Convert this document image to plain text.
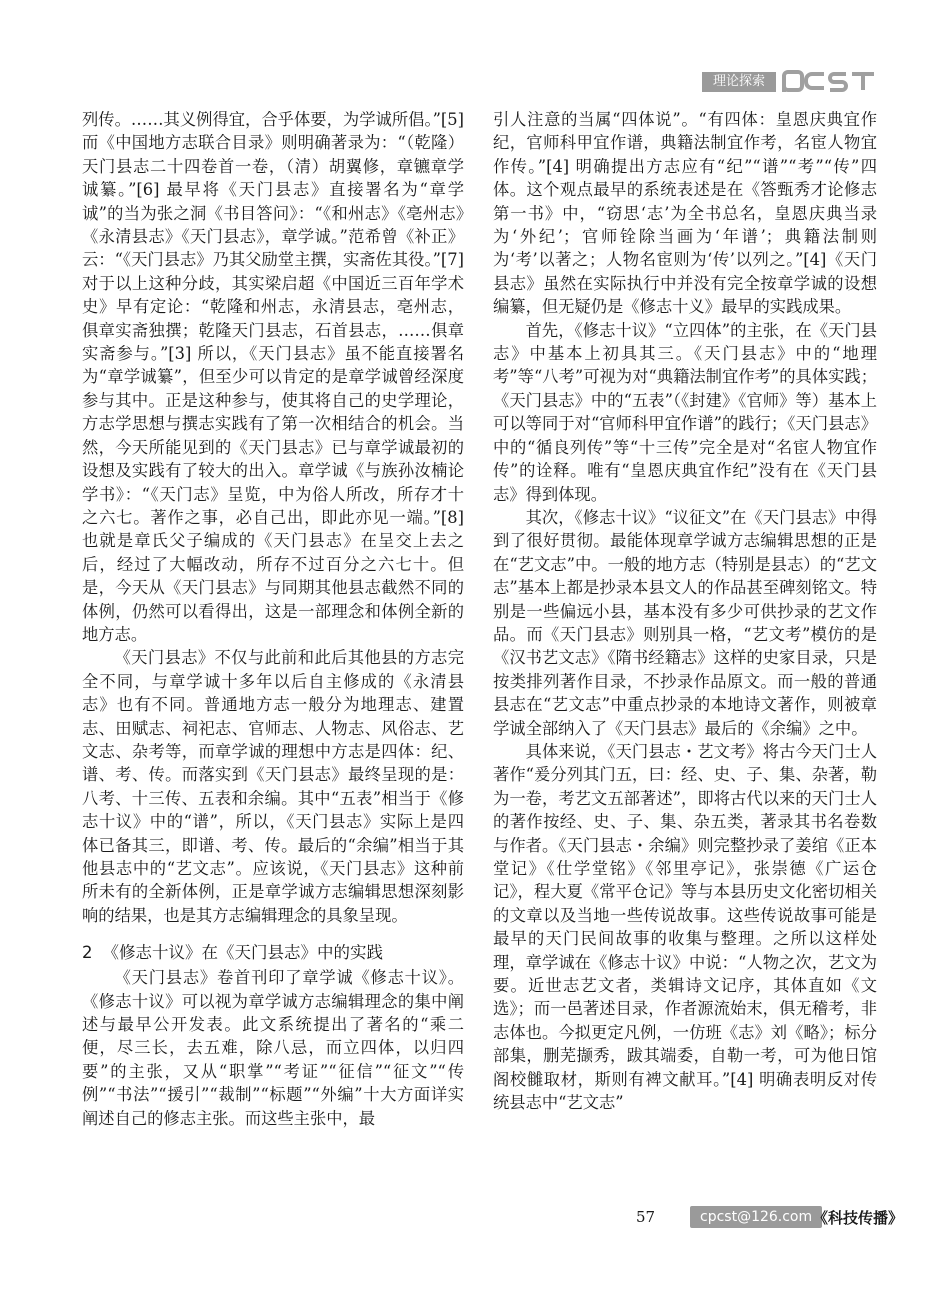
理论探索

列传。……其义例得宜，合乎体要，为学诚所倡。”[5] 而《中国地方志联合目录》则明确著录为：“（乾隆）天门县志二十四卷首一卷，（清）胡翼修，章镳章学诚纂。”[6] 最早将《天门县志》直接署名为“章学诚”的当为张之洞《书目答问》：“《和州志》《亳州志》《永清县志》《天门县志》，章学诚。”范希曾《补正》云：“《天门县志》乃其父励堂主撰，实斋佐其役。”[7] 对于以上这种分歧，其实梁启超《中国近三百年学术史》早有定论：“乾隆和州志，永清县志，亳州志，俱章实斋独撰；乾隆天门县志，石首县志，……俱章实斋参与。”[3] 所以，《天门县志》虽不能直接署名为“章学诚纂”，但至少可以肯定的是章学诚曾经深度参与其中。正是这种参与，使其将自己的史学理论，方志学思想与撰志实践有了第一次相结合的机会。当然，今天所能见到的《天门县志》已与章学诚最初的设想及实践有了较大的出入。章学诚《与族孙汝楠论学书》：“《天门志》呈览，中为俗人所改，所存才十之六七。著作之事，必自己出，即此亦见一端。”[8] 也就是章氏父子编成的《天门县志》在呈交上去之后，经过了大幅改动，所存不过百分之六七十。但是，今天从《天门县志》与同期其他县志截然不同的体例，仍然可以看得出，这是一部理念和体例全新的地方志。

《天门县志》不仅与此前和此后其他县的方志完全不同，与章学诚十多年以后自主修成的《永清县志》也有不同。普通地方志一般分为地理志、建置志、田赋志、祠祀志、官师志、人物志、风俗志、艺文志、杂考等，而章学诚的理想中方志是四体：纪、谱、考、传。而落实到《天门县志》最终呈现的是：八考、十三传、五表和余编。其中“五表”相当于《修志十议》中的“谱”，所以，《天门县志》实际上是四体已备其三，即谱、考、传。最后的“余编”相当于其他县志中的“艺文志”。应该说，《天门县志》这种前所未有的全新体例，正是章学诚方志编辑思想深刻影响的结果，也是其方志编辑理念的具象呈现。

2 《修志十议》在《天门县志》中的实践

《天门县志》卷首刊印了章学诚《修志十议》。《修志十议》可以视为章学诚方志编辑理念的集中阐述与最早公开发表。此文系统提出了著名的“乘二便，尽三长，去五难，除八忌，而立四体，以归四要”的主张，又从“职掌”“考证”“征信”“征文”“传例”“书法”“援引”“裁制”“标题”“外编”十大方面详实阐述自己的修志主张。而这些主张中，最

引人注意的当属“四体说”。“有四体：皇恩庆典宜作纪，官师科甲宜作谱，典籍法制宜作考，名宦人物宜作传。”[4] 明确提出方志应有“纪”“谱”“考”“传”四体。这个观点最早的系统表述是在《答甄秀才论修志第一书》中，“窃思‘志’为全书总名，皇恩庆典当录为‘外纪’；官师铨除当画为‘年谱’；典籍法制则为‘考’以著之；人物名宦则为‘传’以列之。”[4]《天门县志》虽然在实际执行中并没有完全按章学诚的设想编纂，但无疑仍是《修志十义》最早的实践成果。

首先，《修志十议》“立四体”的主张，在《天门县志》中基本上初具其三。《天门县志》中的“地理考”等“八考”可视为对“典籍法制宜作考”的具体实践；《天门县志》中的“五表”（《封建》《官师》等）基本上可以等同于对“官师科甲宜作谱”的践行；《天门县志》中的“循良列传”等“十三传”完全是对“名宦人物宜作传”的诠释。唯有“皇恩庆典宜作纪”没有在《天门县志》得到体现。

其次，《修志十议》“议征文”在《天门县志》中得到了很好贯彻。最能体现章学诚方志编辑思想的正是在“艺文志”中。一般的地方志（特别是县志）的“艺文志”基本上都是抄录本县文人的作品甚至碑刻铭文。特别是一些偏远小县，基本没有多少可供抄录的艺文作品。而《天门县志》则别具一格，“艺文考”模仿的是《汉书艺文志》《隋书经籍志》这样的史家目录，只是按类排列著作目录，不抄录作品原文。而一般的普通县志在“艺文志”中重点抄录的本地诗文著作，则被章学诚全部纳入了《天门县志》最后的《余编》之中。

具体来说，《天门县志・艺文考》将古今天门士人著作“爰分列其门五，曰：经、史、子、集、杂著，勒为一卷，考艺文五部著述”，即将古代以来的天门士人的著作按经、史、子、集、杂五类，著录其书名卷数与作者。《天门县志・余编》则完整抄录了姜绾《正本堂记》《仕学堂铭》《邻里亭记》，张崇德《广运仓记》，程大夏《常平仓记》等与本县历史文化密切相关的文章以及当地一些传说故事。这些传说故事可能是最早的天门民间故事的收集与整理。之所以这样处理，章学诚在《修志十议》中说：“人物之次，艺文为要。近世志艺文者，类辑诗文记序，其体直如《文选》；而一邑著述目录，作者源流始末，俱无稽考，非志体也。今拟更定凡例，一仿班《志》刘《略》；标分部集，删芜撷秀，跋其端委，自勒一考，可为他日馆阁校雠取材，斯则有裨文献耳。”[4] 明确表明反对传统县志中“艺文志”

57	cpcst@126.com 《科技传播》
